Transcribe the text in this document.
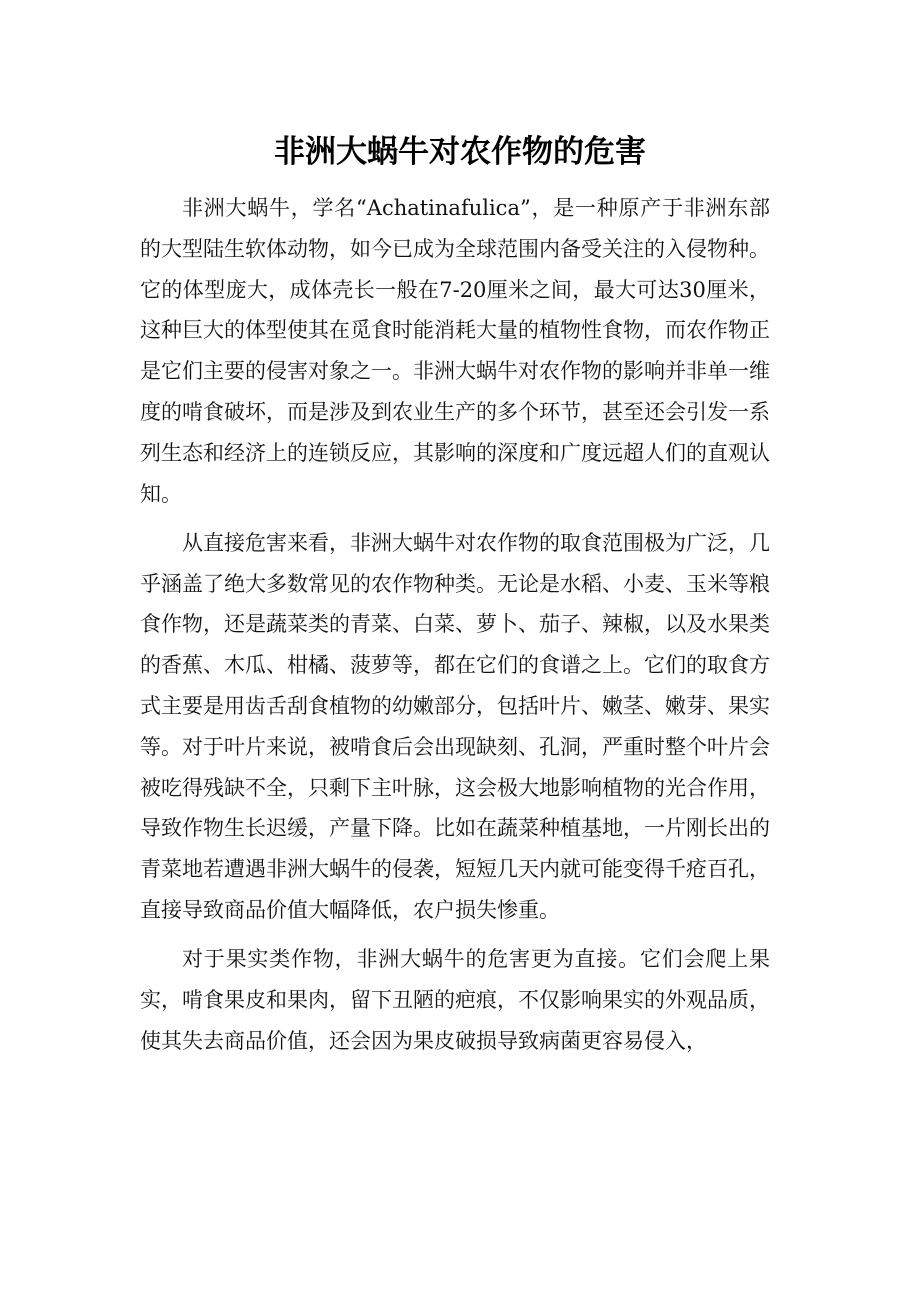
非洲大蜗牛对农作物的危害

非洲大蜗牛，学名“Achatinafulica”，是一种原产于非洲东部的大型陆生软体动物，如今已成为全球范围内备受关注的入侵物种。它的体型庞大，成体壳长一般在7-20厘米之间，最大可达30厘米，这种巨大的体型使其在觅食时能消耗大量的植物性食物，而农作物正是它们主要的侵害对象之一。非洲大蜗牛对农作物的影响并非单一维度的啃食破坏，而是涉及到农业生产的多个环节，甚至还会引发一系列生态和经济上的连锁反应，其影响的深度和广度远超人们的直观认知。

从直接危害来看，非洲大蜗牛对农作物的取食范围极为广泛，几乎涵盖了绝大多数常见的农作物种类。无论是水稻、小麦、玉米等粮食作物，还是蔬菜类的青菜、白菜、萝卜、茄子、辣椒，以及水果类的香蕉、木瓜、柑橘、菠萝等，都在它们的食谱之上。它们的取食方式主要是用齿舌刮食植物的幼嫩部分，包括叶片、嫩茎、嫩芽、果实等。对于叶片来说，被啃食后会出现缺刻、孔洞，严重时整个叶片会被吃得残缺不全，只剩下主叶脉，这会极大地影响植物的光合作用，导致作物生长迟缓，产量下降。比如在蔬菜种植基地，一片刚长出的青菜地若遭遇非洲大蜗牛的侵袭，短短几天内就可能变得千疮百孔，直接导致商品价值大幅降低，农户损失惨重。

对于果实类作物，非洲大蜗牛的危害更为直接。它们会爬上果实，啃食果皮和果肉，留下丑陋的疤痕，不仅影响果实的外观品质，使其失去商品价值，还会因为果皮破损导致病菌更容易侵入，
